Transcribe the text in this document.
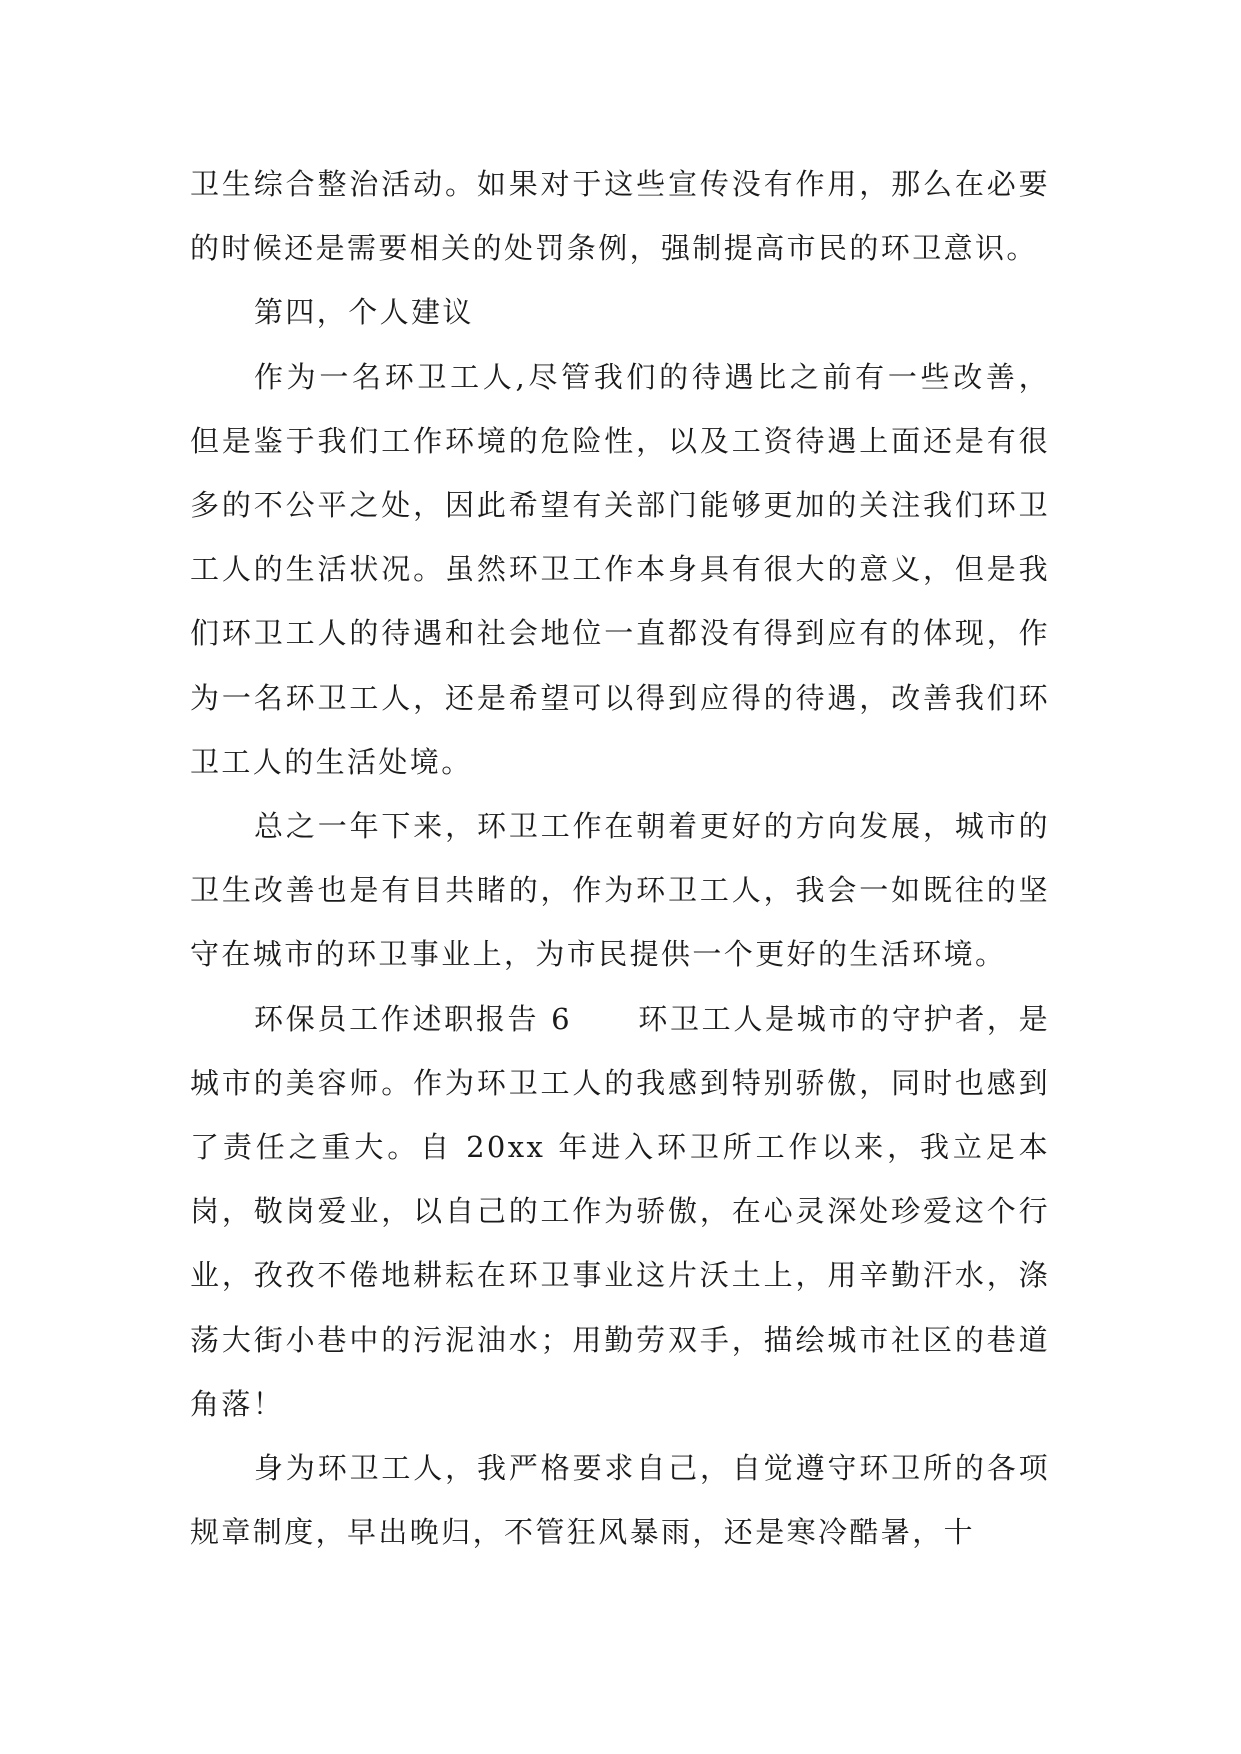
卫生综合整治活动。如果对于这些宣传没有作用，那么在必要的时候还是需要相关的处罚条例，强制提高市民的环卫意识。

第四，个人建议

作为一名环卫工人,尽管我们的待遇比之前有一些改善，但是鉴于我们工作环境的危险性，以及工资待遇上面还是有很多的不公平之处，因此希望有关部门能够更加的关注我们环卫工人的生活状况。虽然环卫工作本身具有很大的意义，但是我们环卫工人的待遇和社会地位一直都没有得到应有的体现，作为一名环卫工人，还是希望可以得到应得的待遇，改善我们环卫工人的生活处境。

总之一年下来，环卫工作在朝着更好的方向发展，城市的卫生改善也是有目共睹的，作为环卫工人，我会一如既往的坚守在城市的环卫事业上，为市民提供一个更好的生活环境。

环保员工作述职报告 6 环卫工人是城市的守护者，是城市的美容师。作为环卫工人的我感到特别骄傲，同时也感到了责任之重大。自 20xx 年进入环卫所工作以来，我立足本岗，敬岗爱业，以自己的工作为骄傲，在心灵深处珍爱这个行业，孜孜不倦地耕耘在环卫事业这片沃土上，用辛勤汗水，涤荡大街小巷中的污泥油水；用勤劳双手，描绘城市社区的巷道角落！

身为环卫工人，我严格要求自己，自觉遵守环卫所的各项规章制度，早出晚归，不管狂风暴雨，还是寒冷酷暑，十
